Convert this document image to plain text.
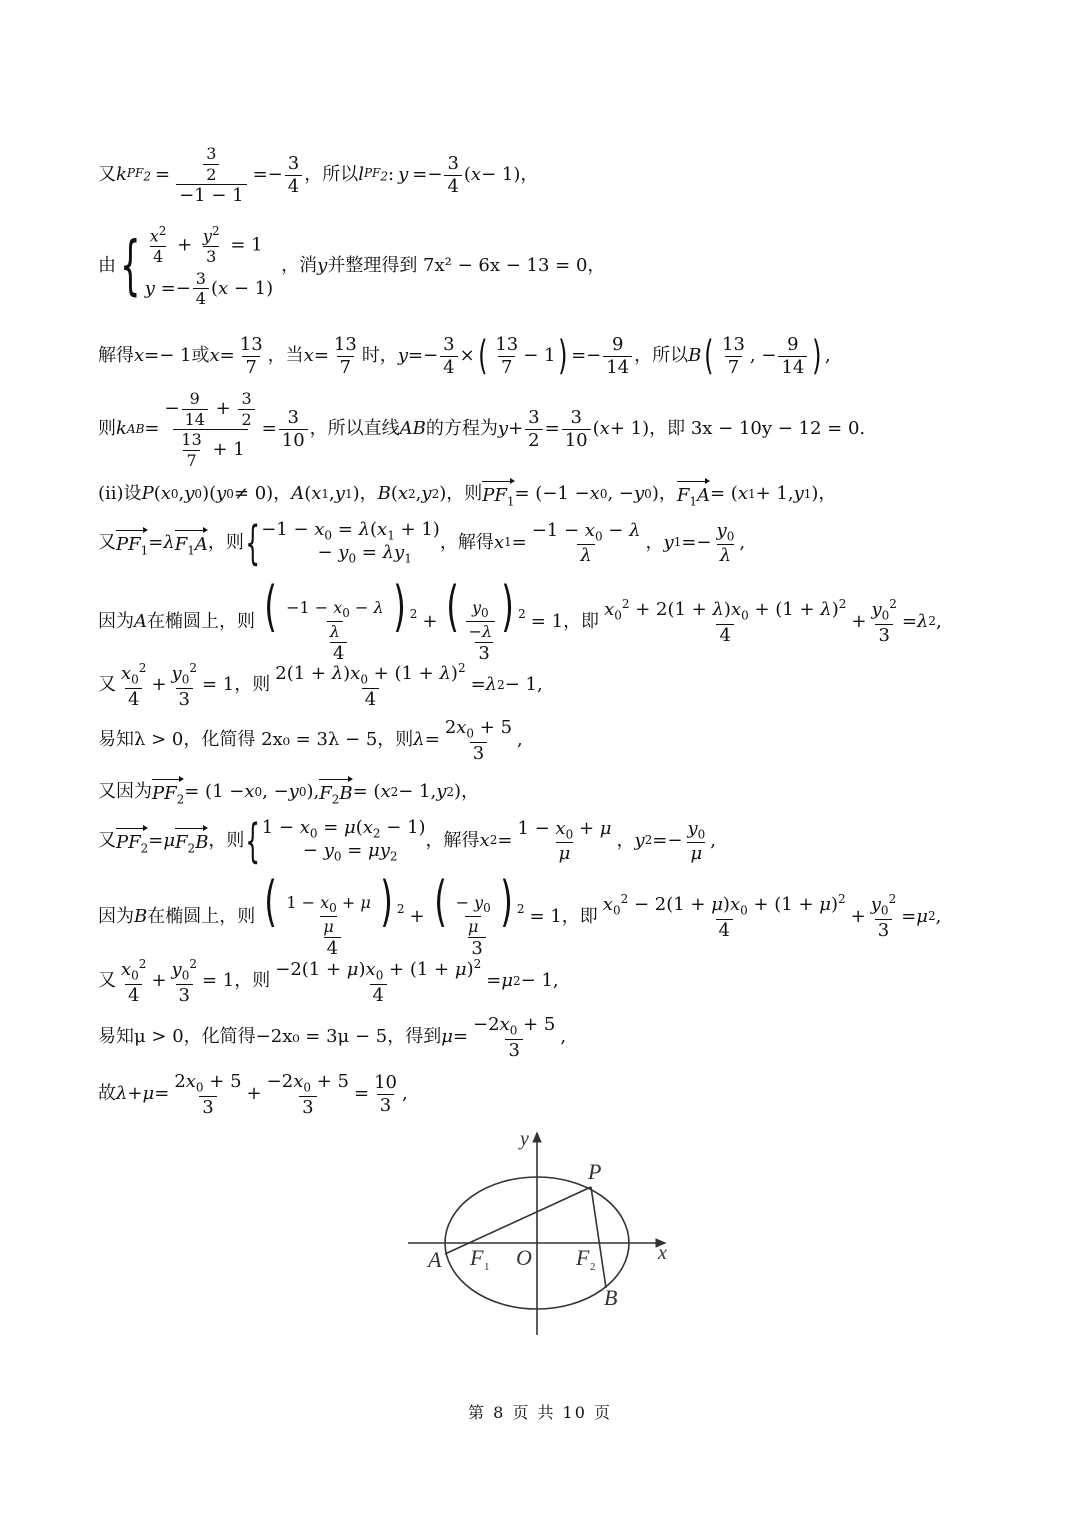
又 k $PF_2 = \frac{\frac{3}{2}}{-1 - 1} =- \frac{3}{4}$ ，所以 l $PF_2$ : $y =- \frac{3}{4}$ ( x − 1)，
由 { $\frac{x^2}{4} + \frac{y^2}{3} = 1$
$y =- \frac{3}{4} (x - 1)$
，消 y 并整理得到 7x² − 6x − 13 = 0，
解得 x =− 1 或 $x = \frac{13}{7}$ ，当 $x = \frac{13}{7}$ 时， $y =- \frac{3}{4}$ × ( $\frac{13}{7} - 1$ ) =− $\frac{9}{14}$ ，所以 B ( $\frac{13}{7}$ , − $\frac{9}{14}$ ) ,
则 k AB = $\frac{- \frac{9}{14} + \frac{3}{2}}{\frac{13}{7} + 1} = \frac{3}{10}$ ，所以直线 AB 的方程为 $y + \frac{3}{2} = \frac{3}{10}$ ( x + 1) ，即 3x − 10y − 12 = 0.
(ii)设 P ( x 0 , y 0 )( y 0 ≠ 0)， A ( x 1 , y 1 )， B ( x 2 , y 2 )，则 $PF_1 = (-1 - x$ 0 , − y 0 )， $F_1A$ = ( x 1 + 1, y 1 )，
又 $PF_1 = \lambda$ $F_1A$ ，则 { $-1 - x_0 = \lambda(x_1 + 1)$
− $y_0 = \lambda y_1$
，解得 x $1 = \frac{-1 - x_0 - \lambda}{\lambda}$ ， y $1 =- \frac{y_0}{\lambda}$ ,
因为 A 在椭圆上，则 $\frac{( \frac{-1 - x_0 - \lambda}{\lambda} ) ^2}{4} + \frac{( \frac{y_0}{-\lambda} ) ^2}{3} = 1$ ，即 $\frac{x_0^2 + 2(1 + \lambda)x_0 + (1 + \lambda)^2}{4} + \frac{y_0^2}{3} = \lambda$ 2 ,
又 $\frac{x_0^2}{4} + \frac{y_0^2}{3} = 1$ ，则 $\frac{2(1 + \lambda)x_0 + (1 + \lambda)^2}{4} = \lambda$ 2 − 1,
易知λ > 0，化简得 2x₀ = 3λ − 5，则 $\lambda = \frac{2x_0 + 5}{3}$ ,
又因为 $PF_2 = (1 - x$ 0 , − y 0 ), $F_2B$ = ( x 2 − 1, y 2 )，
又 $PF_2 = \mu$ $F_2B$ ，则 { $1 - x_0 = \mu(x_2 - 1)$
− $y_0 = \mu y_2$
，解得 x $2 = \frac{1 - x_0 + \mu}{\mu}$ ， y $2 =- \frac{y_0}{\mu}$ ,
因为 B 在椭圆上，则 $\frac{( \frac{1 - x_0 + \mu}{\mu} ) ^2}{4} + \frac{( \frac{- y_0}{\mu} ) ^2}{3} = 1$ ，即 $\frac{x_0^2 - 2(1 + \mu)x_0 + (1 + \mu)^2}{4} + \frac{y_0^2}{3} = \mu$ 2 ,
又 $\frac{x_0^2}{4} + \frac{y_0^2}{3} = 1$ ，则 $\frac{-2(1 + \mu)x_0 + (1 + \mu)^2}{4} = \mu$ 2 − 1,
易知μ > 0，化简得−2x₀ = 3μ − 5，得到 $\mu = \frac{-2x_0 + 5}{3}$ ,
故 $\lambda + \mu = \frac{2x_0 + 5}{3} + \frac{-2x_0 + 5}{3} = \frac{10}{3}$ ,
y
x
P
A F 1 O F 2
B
第 8 页 共 10 页
